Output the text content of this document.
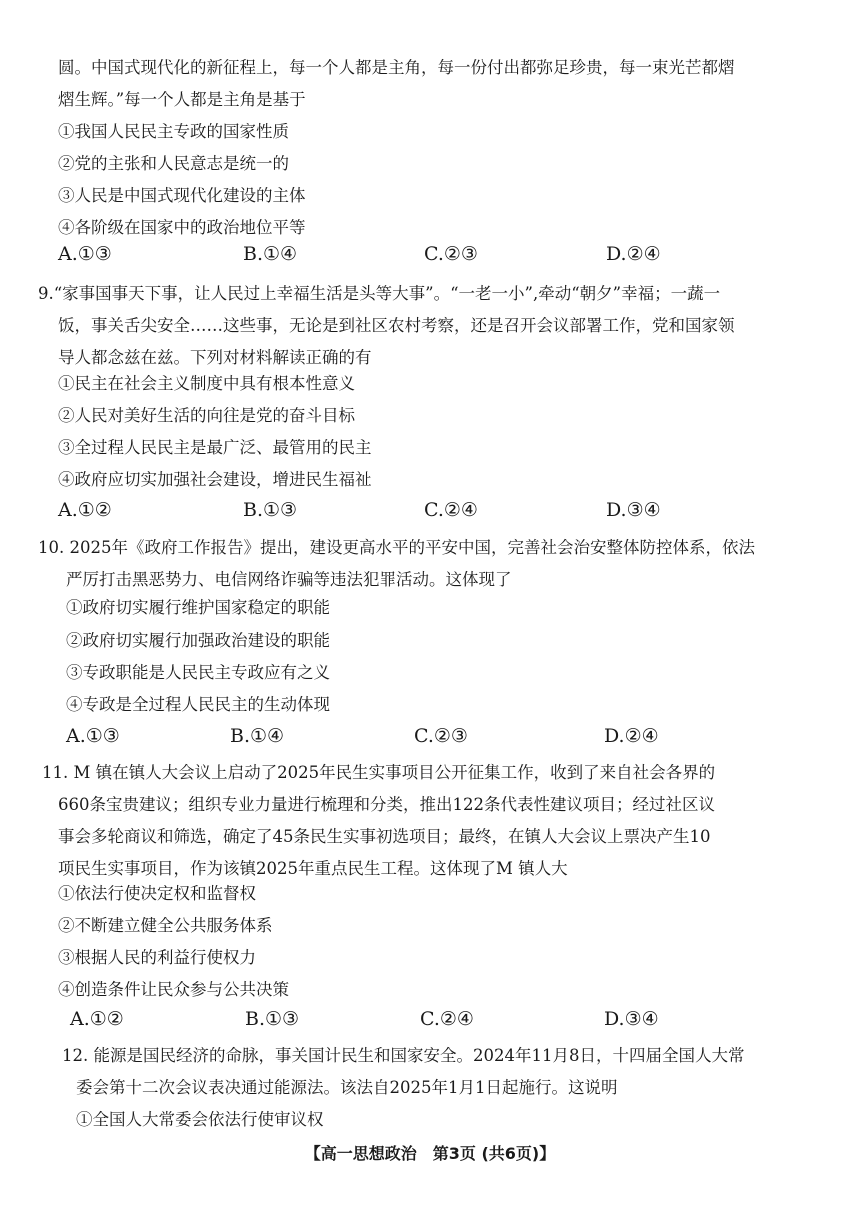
圆。中国式现代化的新征程上，每一个人都是主角，每一份付出都弥足珍贵，每一束光芒都熠
熠生辉。”每一个人都是主角是基于
①我国人民民主专政的国家性质
②党的主张和人民意志是统一的
③人民是中国式现代化建设的主体
④各阶级在国家中的政治地位平等
A.①③	B.①④	C.②③	D.②④
9.“家事国事天下事，让人民过上幸福生活是头等大事”。“一老一小”,牵动“朝夕”幸福；一蔬一
饭，事关舌尖安全……这些事，无论是到社区农村考察，还是召开会议部署工作，党和国家领
导人都念兹在兹。下列对材料解读正确的有
①民主在社会主义制度中具有根本性意义
②人民对美好生活的向往是党的奋斗目标
③全过程人民民主是最广泛、最管用的民主
④政府应切实加强社会建设，增进民生福祉
A.①②	B.①③	C.②④	D.③④
10. 2025年《政府工作报告》提出，建设更高水平的平安中国，完善社会治安整体防控体系，依法
严厉打击黑恶势力、电信网络诈骗等违法犯罪活动。这体现了
①政府切实履行维护国家稳定的职能
②政府切实履行加强政治建设的职能
③专政职能是人民民主专政应有之义
④专政是全过程人民民主的生动体现
A.①③	B.①④	C.②③	D.②④
11. M 镇在镇人大会议上启动了2025年民生实事项目公开征集工作，收到了来自社会各界的
660条宝贵建议；组织专业力量进行梳理和分类，推出122条代表性建议项目；经过社区议
事会多轮商议和筛选，确定了45条民生实事初选项目；最终，在镇人大会议上票决产生10
项民生实事项目，作为该镇2025年重点民生工程。这体现了M 镇人大
①依法行使决定权和监督权
②不断建立健全公共服务体系
③根据人民的利益行使权力
④创造条件让民众参与公共决策
A.①②	B.①③	C.②④	D.③④
12. 能源是国民经济的命脉，事关国计民生和国家安全。2024年11月8日，十四届全国人大常
委会第十二次会议表决通过能源法。该法自2025年1月1日起施行。这说明
①全国人大常委会依法行使审议权
【高一思想政治　第3页 (共6页)】
